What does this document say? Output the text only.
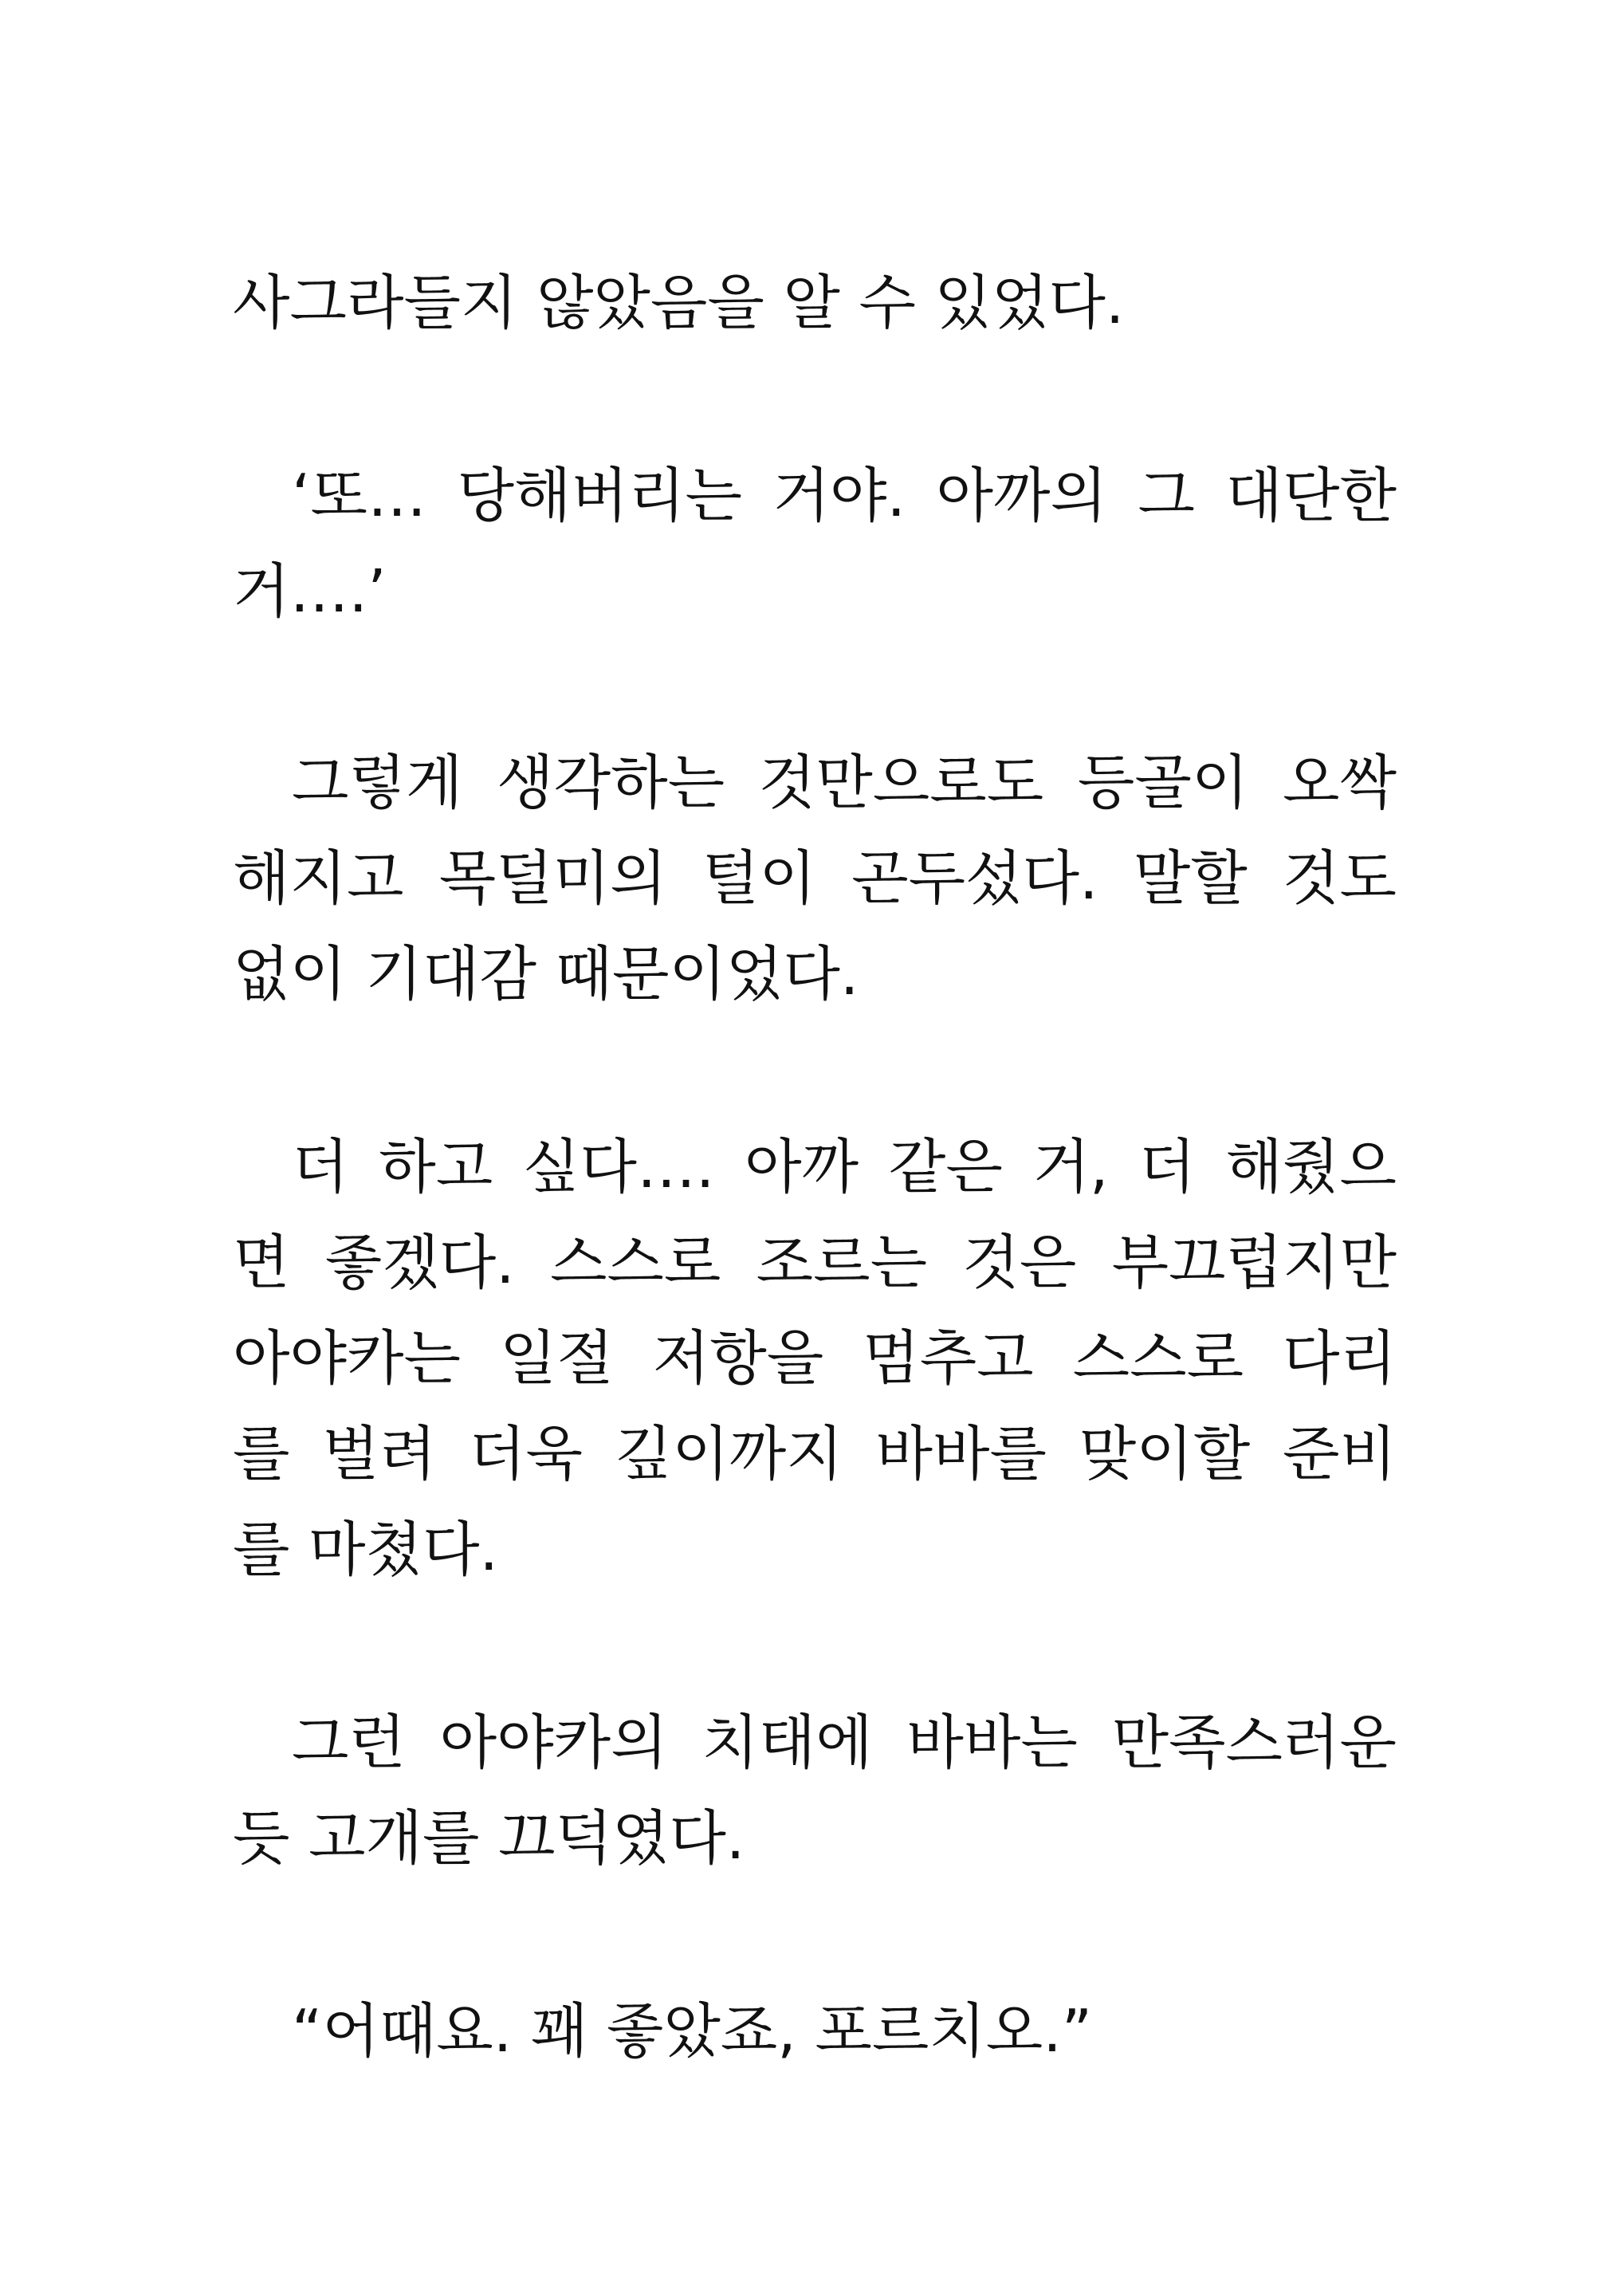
사그라들지 않았음을 알 수 있었다.
‘또… 당해버리는 거야. 아까의 그 대단한
거….’
그렇게 생각하는 것만으로도 등골이 오싹
해지고 목덜미의 털이 곤두섰다. 말할 것도
없이 기대감 때문이었다.
더 하고 싶다…. 아까 같은 거, 더 해줬으
면 좋겠다. 스스로 조르는 것은 부끄럽지만
아야카는 일절 저항을 멈추고 스스로 다리
를 벌려 더욱 깊이까지 바바를 맞이할 준비
를 마쳤다.
그런 아야카의 치태에 바바는 만족스러운
듯 고개를 끄덕였다.
“어때요. 꽤 좋았죠, 포르치오.”
